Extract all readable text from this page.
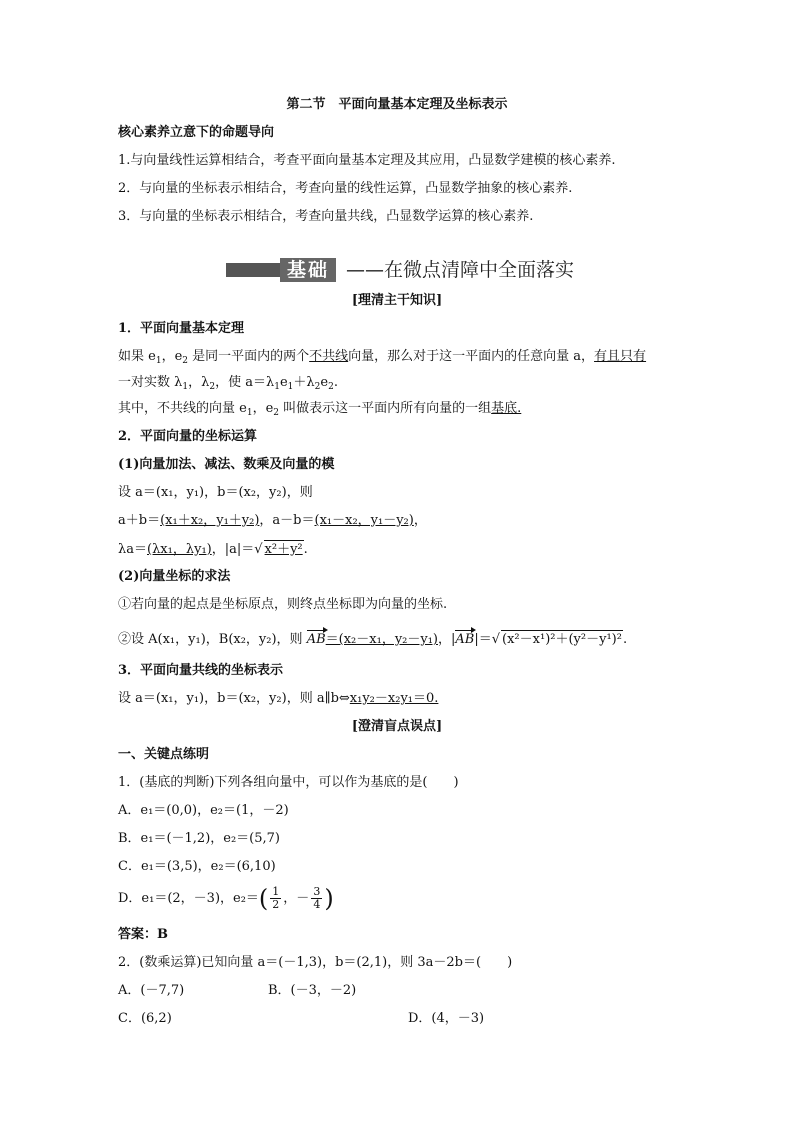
第二节　平面向量基本定理及坐标表示
核心素养立意下的命题导向
1.与向量线性运算相结合，考查平面向量基本定理及其应用，凸显数学建模的核心素养.
2．与向量的坐标表示相结合，考查向量的线性运算，凸显数学抽象的核心素养.
3．与向量的坐标表示相结合，考查向量共线，凸显数学运算的核心素养.
基础 ——在微点清障中全面落实
[理清主干知识]
1．平面向量基本定理
如果 $e_1$，$e_2$ 是同一平面内的两个不共线向量，那么对于这一平面内的任意向量 a，有且只有
一对实数 $\lambda_1$，$\lambda_2$，使 $a=\lambda_1e_1+\lambda_2e_2$.
其中，不共线的向量 $e_1$，$e_2$ 叫做表示这一平面内所有向量的一组基底.
2．平面向量的坐标运算
(1)向量加法、减法、数乘及向量的模
设 a＝(x₁，y₁)，b＝(x₂，y₂)，则
a＋b＝(x₁＋x₂，y₁＋y₂)，a－b＝(x₁－x₂，y₁－y₂)，
λa＝(λx₁，λy₁)，|a|＝√ x²＋y².
(2)向量坐标的求法
①若向量的起点是坐标原点，则终点坐标即为向量的坐标.
②设 A(x₁，y₁)，B(x₂，y₂)，则 AB＝(x₂－x₁，y₂－y₁)，|AB|＝√ (x²－x¹)²＋(y²－y¹)².
3．平面向量共线的坐标表示
设 a＝(x₁，y₁)，b＝(x₂，y₂)，则 a∥b⇔x₁y₂－x₂y₁＝0.
[澄清盲点误点]
一、关键点练明
1．(基底的判断)下列各组向量中，可以作为基底的是(　　)
A．e₁＝(0,0)，e₂＝(1，－2)
B．e₁＝(－1,2)，e₂＝(5,7)
C．e₁＝(3,5)，e₂＝(6,10)
D．e₁＝(2，－3)，$e_2=( \frac{1}{2}$ ，－ $\frac{3}{4}$ )
答案：B
2．(数乘运算)已知向量 a＝(－1,3)，b＝(2,1)，则 3a－2b＝(　　)
A．(－7,7)	B．(－3，－2)
C．(6,2)	D．(4，－3)
